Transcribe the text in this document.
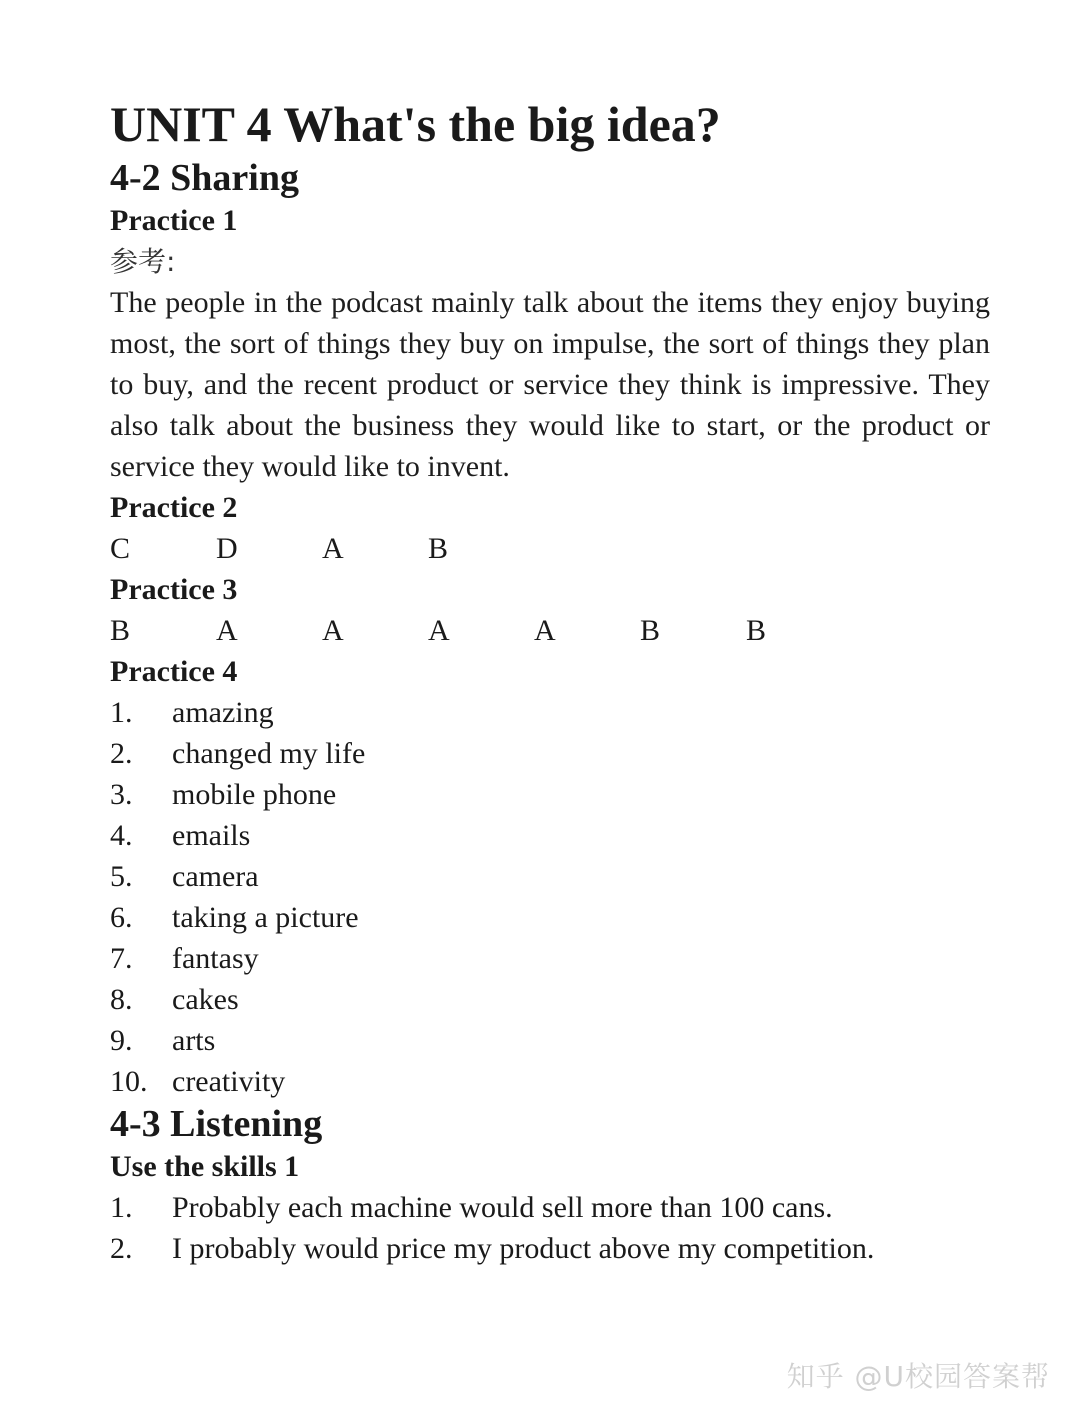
UNIT 4 What's the big idea?
4-2 Sharing
Practice 1
参考:

The people in the podcast mainly talk about the items they enjoy buying most, the sort of things they buy on impulse, the sort of things they plan to buy, and the recent product or service they think is impressive. They also talk about the business they would like to start, or the product or service they would like to invent.

Practice 2
C	D	A	B
Practice 3
B	A	A	A	A	B	B
Practice 4
1.	amazing
2.	changed my life
3.	mobile phone
4.	emails
5.	camera
6.	taking a picture
7.	fantasy
8.	cakes
9.	arts
10. creativity
4-3 Listening
Use the skills 1
1.	Probably each machine would sell more than 100 cans.
2.	I probably would price my product above my competition.
知乎 @U校园答案帮
